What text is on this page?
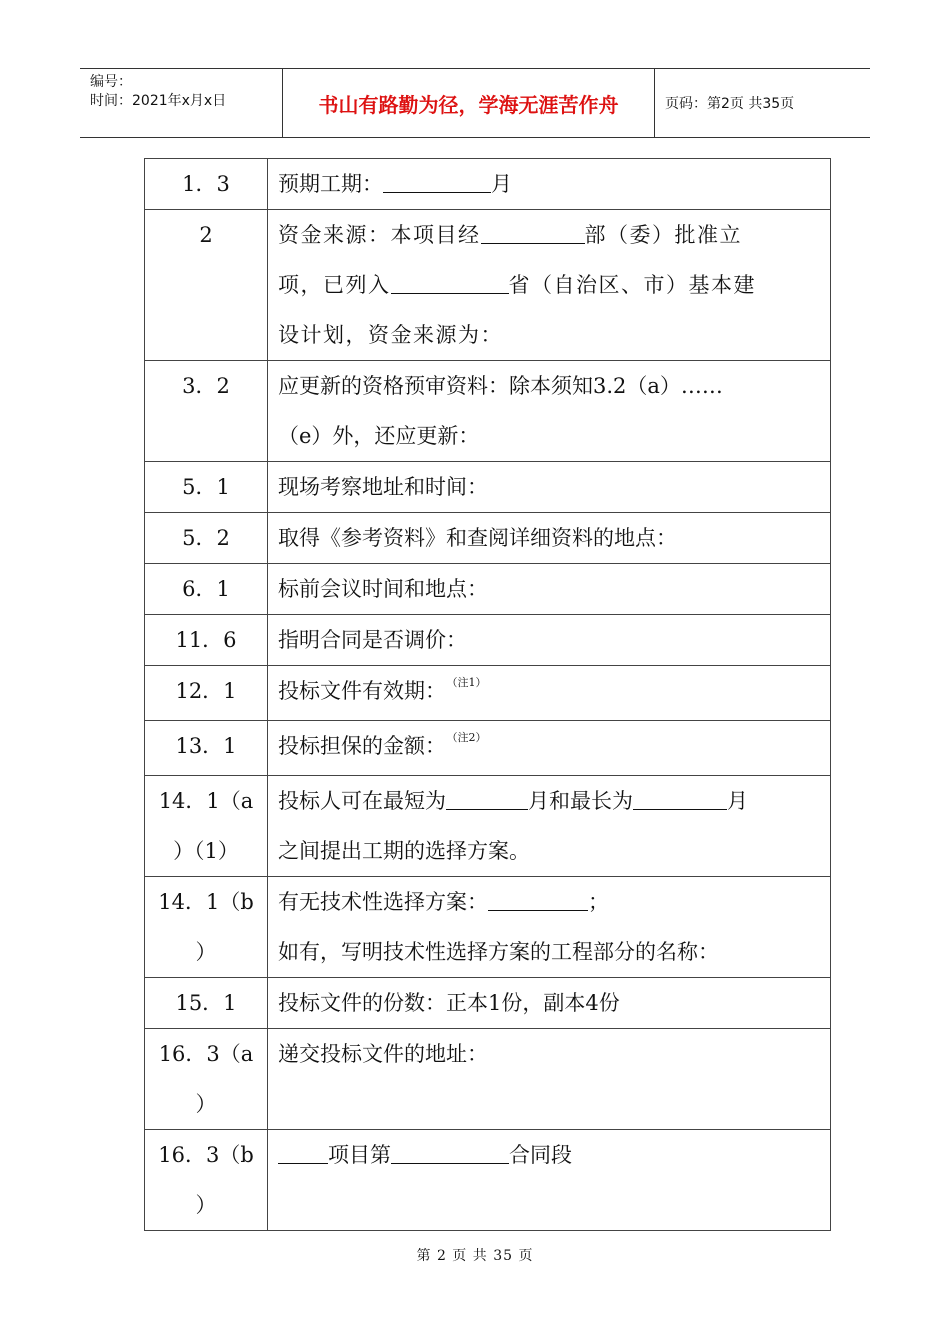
编号：
时间：2021年x月x日	书山有路勤为径，学海无涯苦作舟	页码：第2页 共35页
1．3	预期工期： 月
2	资金来源：本项目经 部（委）批准立
项，已列入 省（自治区、市）基本建
设计划，资金来源为：
3．2	应更新的资格预审资料：除本须知3.2（a）……
（e）外，还应更新：
5．1	现场考察地址和时间：
5．2	取得《参考资料》和查阅详细资料的地点：
6．1	标前会议时间和地点：
11．6	指明合同是否调价：
12．1	投标文件有效期： $^{(注1)}$
13．1	投标担保的金额： $^{(注2)}$
14．1（a
）（1）	投标人可在最短为 月和最长为 月
之间提出工期的选择方案。
14．1（b
）	有无技术性选择方案： ；
如有，写明技术性选择方案的工程部分的名称：
15．1	投标文件的份数：正本1份，副本4份
16．3（a
）	递交投标文件的地址：
16．3（b
）	项目第 合同段
第 2 页 共 35 页
